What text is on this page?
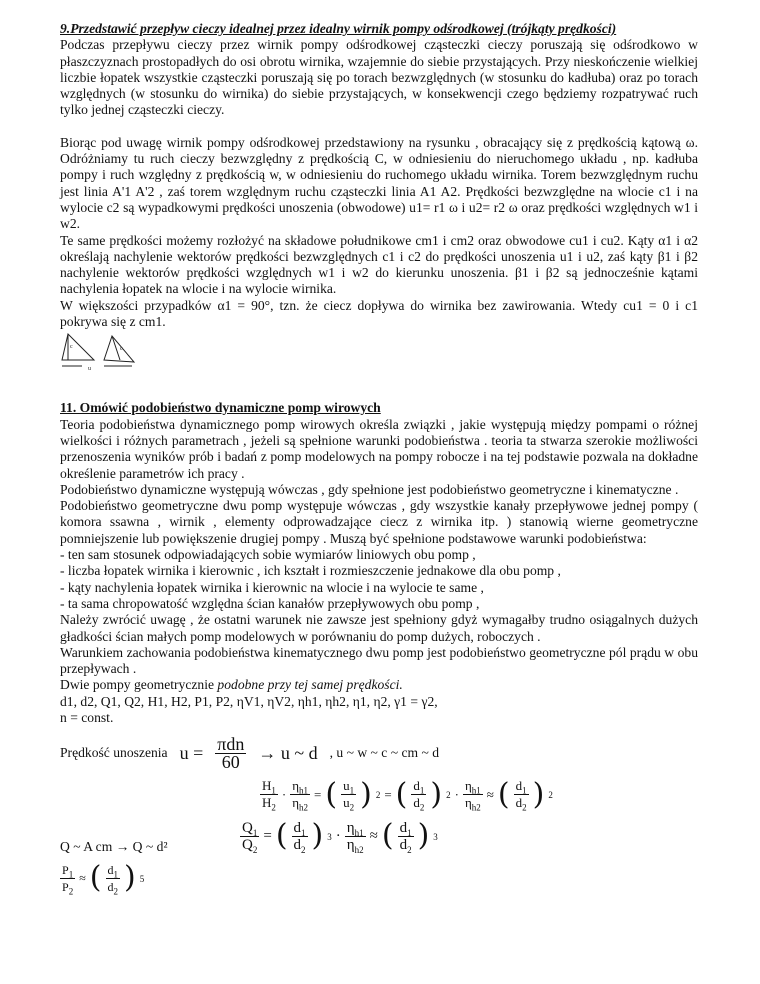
9.Przedstawić przepływ cieczy idealnej przez idealny wirnik pompy odśrodkowej (trójkąty prędkości)

Podczas przepływu cieczy przez wirnik pompy odśrodkowej cząsteczki cieczy poruszają się odśrodkowo w płaszczyznach prostopadłych do osi obrotu wirnika, wzajemnie do siebie przystających. Przy nieskończenie wielkiej liczbie łopatek wszystkie cząsteczki poruszają się po torach bezwzględnych (w stosunku do kadłuba) oraz po torach względnych (w stosunku do wirnika) do siebie przystających, w konsekwencji czego będziemy rozpatrywać ruch tylko jednej cząsteczki cieczy.

Biorąc pod uwagę wirnik pompy odśrodkowej przedstawiony na rysunku , obracający się z prędkością kątową ω. Odróżniamy tu ruch cieczy bezwzględny z prędkością C, w odniesieniu do nieruchomego układu , np. kadłuba pompy i ruch względny z prędkością w, w odniesieniu do ruchomego układu wirnika. Torem bezwzględnym ruchu jest linia A'1 A'2 , zaś torem względnym ruchu cząsteczki linia A1 A2. Prędkości bezwzględne na wlocie c1 i na wylocie c2 są wypadkowymi prędkości unoszenia (obwodowe) u1= r1 ω i u2= r2 ω oraz prędkości względnych w1 i w2.

Te same prędkości możemy rozłożyć na składowe południkowe cm1 i cm2 oraz obwodowe cu1 i cu2. Kąty α1 i α2 określają nachylenie wektorów prędkości bezwzględnych c1 i c2 do prędkości unoszenia u1 i u2, zaś kąty β1 i β2 nachylenie wektorów prędkości względnych w1 i w2 do kierunku unoszenia. β1 i β2 są jednocześnie kątami nachylenia łopatek na wlocie i na wylocie wirnika.

W większości przypadków α1 = 90°, tzn. że ciecz dopływa do wirnika bez zawirowania. Wtedy cu1 = 0 i c1 pokrywa się z cm1.

c
u
c
11. Omówić podobieństwo dynamiczne pomp wirowych

Teoria podobieństwa dynamicznego pomp wirowych określa związki , jakie występują między pompami o różnej wielkości i różnych parametrach , jeżeli są spełnione warunki podobieństwa . teoria ta stwarza szerokie możliwości przenoszenia wyników prób i badań z pomp modelowych na pompy robocze i na tej podstawie pozwala na dokładne określenie parametrów ich pracy .

Podobieństwo dynamiczne występują wówczas , gdy spełnione jest podobieństwo geometryczne i kinematyczne .

Podobieństwo geometryczne dwu pomp występuje wówczas , gdy wszystkie kanały przepływowe jednej pompy ( komora ssawna , wirnik , elementy odprowadzające ciecz z wirnika itp. ) stanowią wierne geometryczne pomniejszenie lub powiększenie drugiej pompy . Muszą być spełnione podstawowe warunki podobieństwa:

- ten sam stosunek odpowiadających sobie wymiarów liniowych obu pomp ,

- liczba łopatek wirnika i kierownic , ich kształt i rozmieszczenie jednakowe dla obu pomp ,

- kąty nachylenia łopatek wirnika i kierownic na wlocie i na wylocie te same ,

- ta sama chropowatość względna ścian kanałów przepływowych obu pomp ,

Należy zwrócić uwagę , że ostatni warunek nie zawsze jest spełniony gdyż wymagałby trudno osiągalnych dużych gładkości ścian małych pomp modelowych w porównaniu do pomp dużych, roboczych .

Warunkiem zachowania podobieństwa kinematycznego dwu pomp jest podobieństwo geometryczne pól prądu w obu przepływach .

Dwie pompy geometrycznie podobne przy tej samej prędkości.

d1, d2, Q1, Q2, H1, H2, P1, P2, ηV1, ηV2, ηh1, ηh2, η1, η2, γ1 = γ2,

n = const.

Prędkość unoszenia $u = \frac{\text{πdn}}{60} \to u$ ~ d , u ~ w ~ c ~ cm ~ d
$\frac{H_1}{H_2} \cdot \frac{\eta_{h1}}{\eta_{h2}}$ = ( $\frac{u_1}{u_2}$ ) 2 = ( $\frac{d_1}{d_2}$ ) $2 \cdot \frac{\eta_{h1}}{\eta_{h2}}$ ≈ ( $\frac{d_1}{d_2}$ ) 2
Q ~ A cm → Q ~ d²	$\frac{Q_1}{Q_2}$ = ( $\frac{d_1}{d_2}$ ) $3 \cdot \frac{\eta_{h1}}{\eta_{h2}}$ ≈ ( $\frac{d_1}{d_2}$ ) 3
$\frac{P_1}{P_2}$ ≈ ( $\frac{d_1}{d_2}$ ) 5
